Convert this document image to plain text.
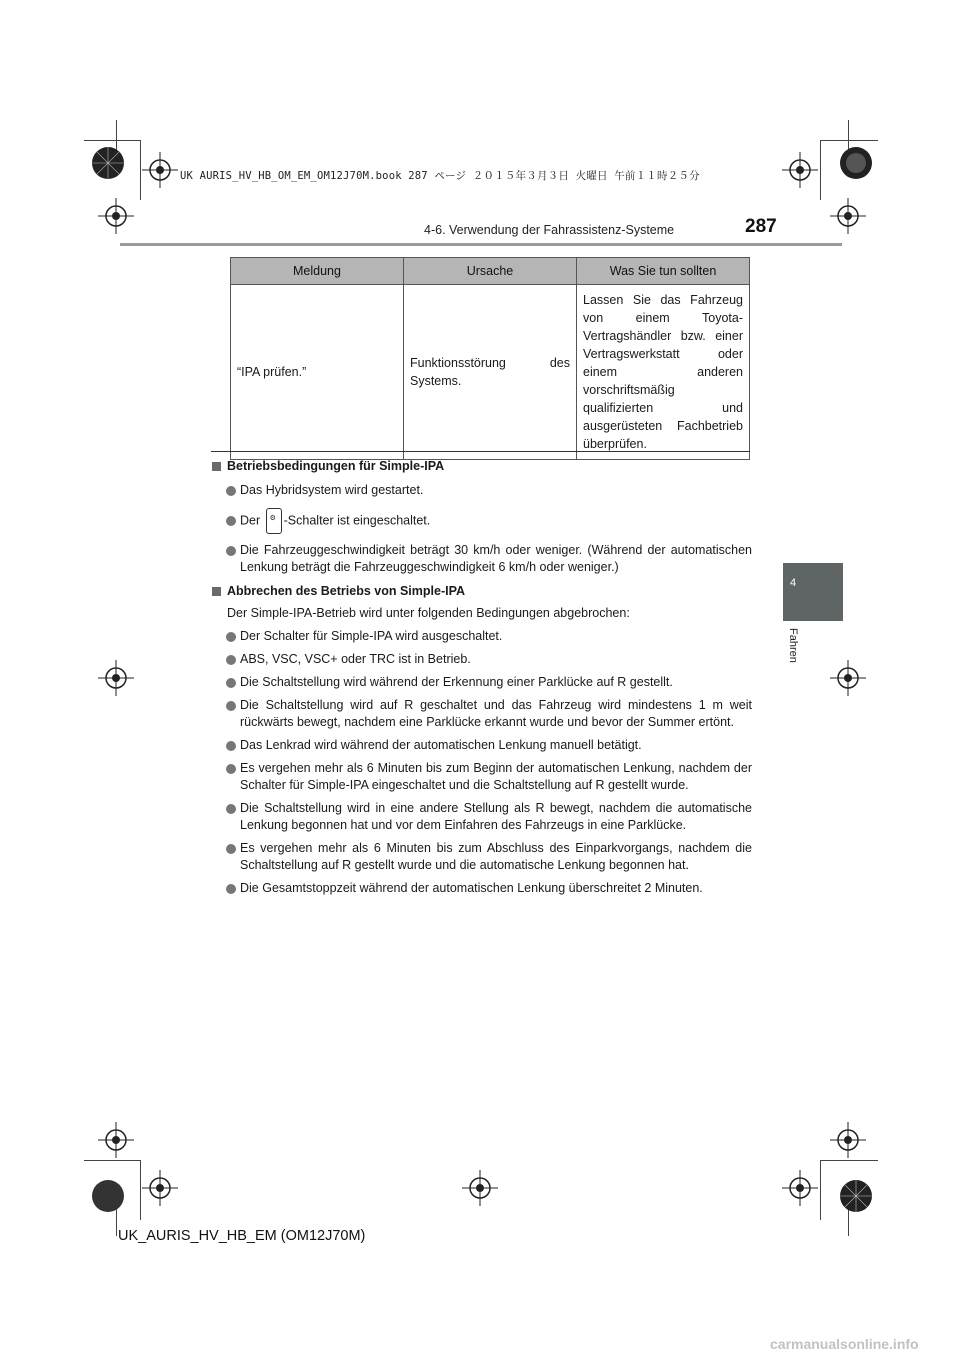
UK AURIS_HV_HB_OM_EM_OM12J70M.book 287 ページ ２０１５年３月３日 火曜日 午前１１時２５分
4-6. Verwendung der Fahrassistenz-Systeme	287
4
Fahren
Meldung	Ursache	Was Sie tun sollten
“IPA prüfen.”	Funktionsstörung des Systems.	Lassen Sie das Fahrzeug von einem Toyota-Vertragshändler bzw. einer Vertragswerkstatt oder einem anderen vorschriftsmäßig qualifizierten und ausgerüsteten Fachbetrieb überprüfen.
Betriebsbedingungen für Simple-IPA
Das Hybridsystem wird gestartet.
Der ⚙ -Schalter ist eingeschaltet.
Die Fahrzeuggeschwindigkeit beträgt 30 km/h oder weniger. (Während der automatischen Lenkung beträgt die Fahrzeuggeschwindigkeit 6 km/h oder weniger.)
Abbrechen des Betriebs von Simple-IPA
Der Simple-IPA-Betrieb wird unter folgenden Bedingungen abgebrochen:
Der Schalter für Simple-IPA wird ausgeschaltet.
ABS, VSC, VSC+ oder TRC ist in Betrieb.
Die Schaltstellung wird während der Erkennung einer Parklücke auf R gestellt.
Die Schaltstellung wird auf R geschaltet und das Fahrzeug wird mindestens 1 m weit rückwärts bewegt, nachdem eine Parklücke erkannt wurde und bevor der Summer ertönt.
Das Lenkrad wird während der automatischen Lenkung manuell betätigt.
Es vergehen mehr als 6 Minuten bis zum Beginn der automatischen Lenkung, nachdem der Schalter für Simple-IPA eingeschaltet und die Schaltstellung auf R gestellt wurde.
Die Schaltstellung wird in eine andere Stellung als R bewegt, nachdem die automatische Lenkung begonnen hat und vor dem Einfahren des Fahrzeugs in eine Parklücke.
Es vergehen mehr als 6 Minuten bis zum Abschluss des Einparkvorgangs, nachdem die Schaltstellung auf R gestellt wurde und die automatische Lenkung begonnen hat.
Die Gesamtstoppzeit während der automatischen Lenkung überschreitet 2 Minuten.
UK_AURIS_HV_HB_EM (OM12J70M)
carmanualsonline.info
